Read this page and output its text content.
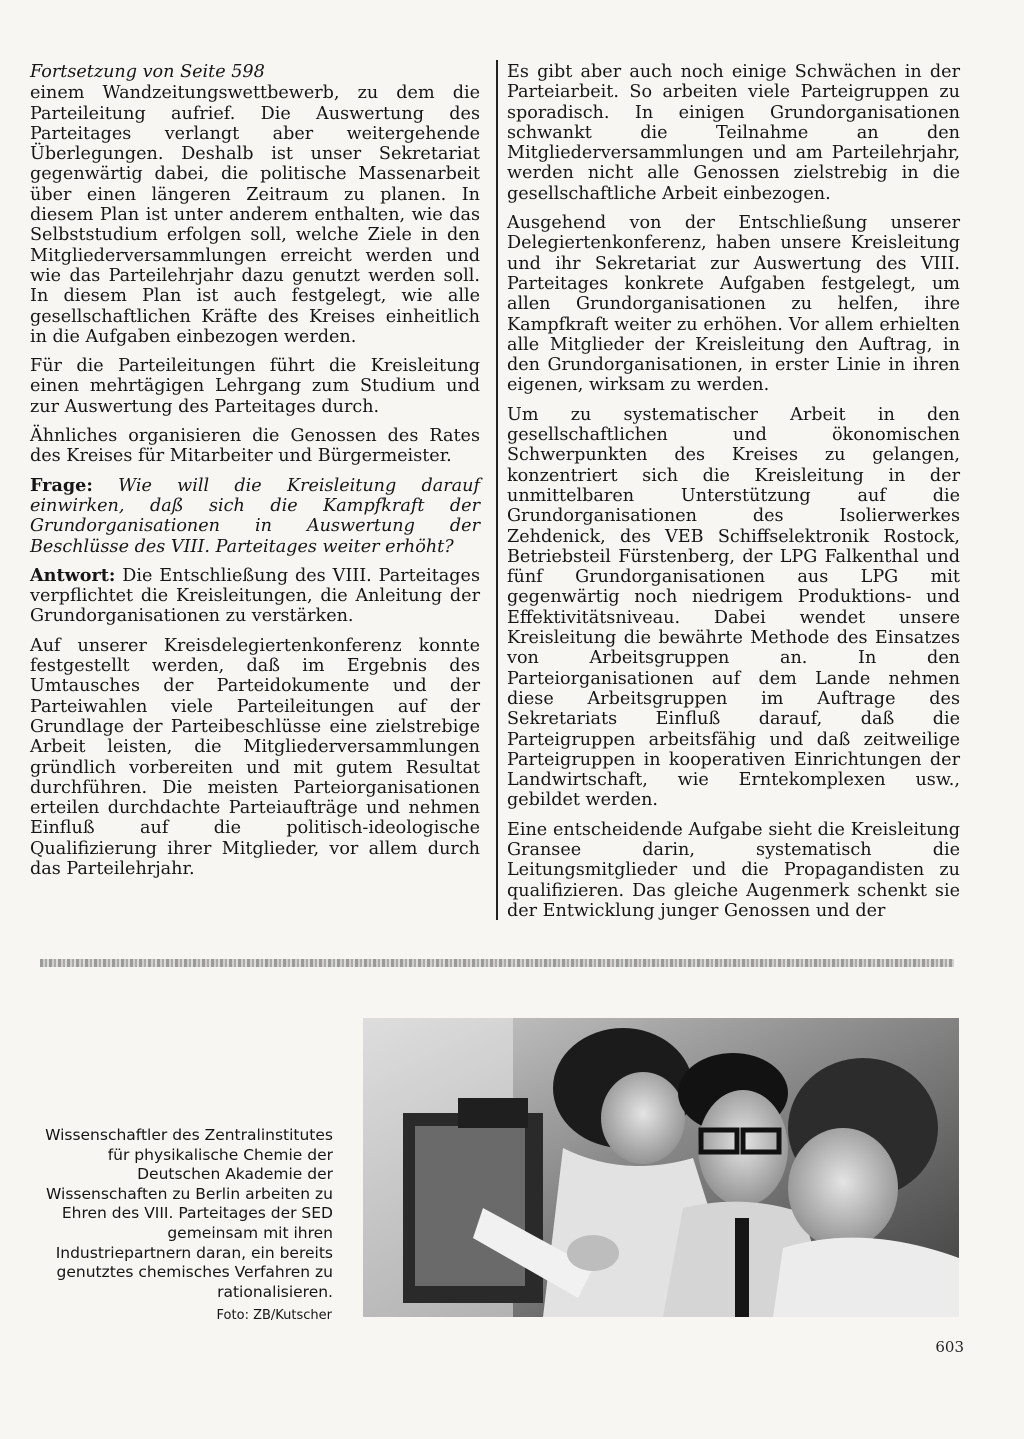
Fortsetzung von Seite 598

einem Wandzeitungswettbewerb, zu dem die Parteileitung aufrief. Die Auswertung des Parteitages verlangt aber weitergehende Überlegungen. Deshalb ist unser Sekretariat gegenwärtig dabei, die politische Massenarbeit über einen längeren Zeitraum zu planen. In diesem Plan ist unter anderem enthalten, wie das Selbststudium erfolgen soll, welche Ziele in den Mitgliederversammlungen erreicht werden und wie das Parteilehrjahr dazu genutzt werden soll. In diesem Plan ist auch festgelegt, wie alle gesellschaftlichen Kräfte des Kreises einheitlich in die Aufgaben einbezogen werden.

Für die Parteileitungen führt die Kreisleitung einen mehrtägigen Lehrgang zum Studium und zur Auswertung des Parteitages durch.

Ähnliches organisieren die Genossen des Rates des Kreises für Mitarbeiter und Bürgermeister.

Frage: Wie will die Kreisleitung darauf einwirken, daß sich die Kampfkraft der Grundorganisationen in Auswertung der Beschlüsse des VIII. Parteitages weiter erhöht?

Antwort: Die Entschließung des VIII. Parteitages verpflichtet die Kreisleitungen, die Anleitung der Grundorganisationen zu verstärken.

Auf unserer Kreisdelegiertenkonferenz konnte festgestellt werden, daß im Ergebnis des Umtausches der Parteidokumente und der Parteiwahlen viele Parteileitungen auf der Grundlage der Parteibeschlüsse eine zielstrebige Arbeit leisten, die Mitgliederversammlungen gründlich vorbereiten und mit gutem Resultat durchführen. Die meisten Parteiorganisationen erteilen durchdachte Parteiaufträge und nehmen Einfluß auf die politisch-ideologische Qualifizierung ihrer Mitglieder, vor allem durch das Parteilehrjahr.

Es gibt aber auch noch einige Schwächen in der Parteiarbeit. So arbeiten viele Parteigruppen zu sporadisch. In einigen Grundorganisationen schwankt die Teilnahme an den Mitgliederversammlungen und am Parteilehrjahr, werden nicht alle Genossen zielstrebig in die gesellschaftliche Arbeit einbezogen.

Ausgehend von der Entschließung unserer Delegiertenkonferenz, haben unsere Kreisleitung und ihr Sekretariat zur Auswertung des VIII. Parteitages konkrete Aufgaben festgelegt, um allen Grundorganisationen zu helfen, ihre Kampfkraft weiter zu erhöhen. Vor allem erhielten alle Mitglieder der Kreisleitung den Auftrag, in den Grundorganisationen, in erster Linie in ihren eigenen, wirksam zu werden.

Um zu systematischer Arbeit in den gesellschaftlichen und ökonomischen Schwerpunkten des Kreises zu gelangen, konzentriert sich die Kreisleitung in der unmittelbaren Unterstützung auf die Grundorganisationen des Isolierwerkes Zehdenick, des VEB Schiffselektronik Rostock, Betriebsteil Fürstenberg, der LPG Falkenthal und fünf Grundorganisationen aus LPG mit gegenwärtig noch niedrigem Produktions- und Effektivitätsniveau. Dabei wendet unsere Kreisleitung die bewährte Methode des Einsatzes von Arbeitsgruppen an. In den Parteiorganisationen auf dem Lande nehmen diese Arbeitsgruppen im Auftrage des Sekretariats Einfluß darauf, daß die Parteigruppen arbeitsfähig und daß zeitweilige Parteigruppen in kooperativen Einrichtungen der Landwirtschaft, wie Erntekomplexen usw., gebildet werden.

Eine entscheidende Aufgabe sieht die Kreisleitung Gransee darin, systematisch die Leitungsmitglieder und die Propagandisten zu qualifizieren. Das gleiche Augenmerk schenkt sie der Entwicklung junger Genossen und der

Wissenschaftler des Zentralinstitutes für physikalische Chemie der Deutschen Akademie der Wissenschaften zu Berlin arbeiten zu Ehren des VIII. Parteitages der SED gemeinsam mit ihren Industriepartnern daran, ein bereits genutztes chemisches Verfahren zu rationalisieren.
Foto: ZB/Kutscher
603
